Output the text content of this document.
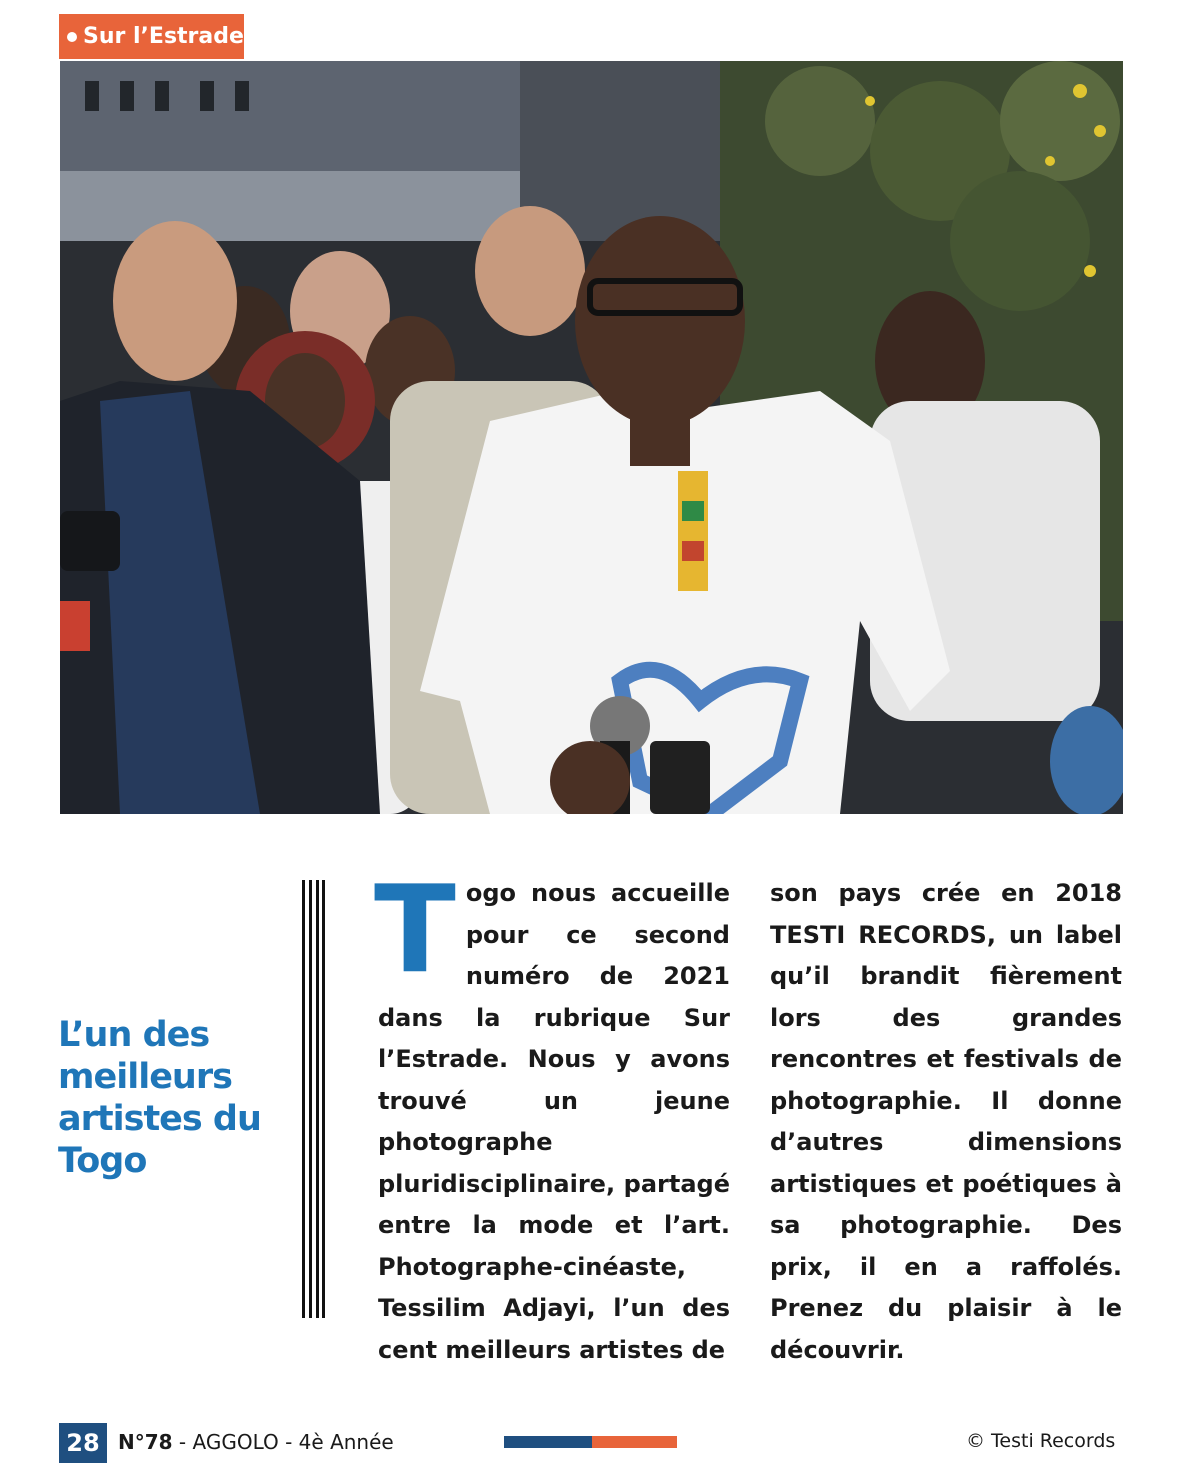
Sur l’Estrade
L’un des meilleurs artistes du Togo
T ogo nous accueille pour ce second numéro de 2021 dans la rubrique Sur l’Estrade. Nous y avons trouvé un jeune photographe pluridisciplinaire, partagé entre la mode et l’art. Photographe-cinéaste, Tessilim Adjayi, l’un des cent meilleurs artistes de
son pays crée en 2018 TESTI RECORDS, un label qu’il brandit fièrement lors des grandes rencontres et festivals de photographie. Il donne d’autres dimensions artistiques et poétiques à sa photographie. Des prix, il en a raffolés. Prenez du plaisir à le découvrir.
28 N°78 - AGGOLO - 4è Année	© Testi Records
